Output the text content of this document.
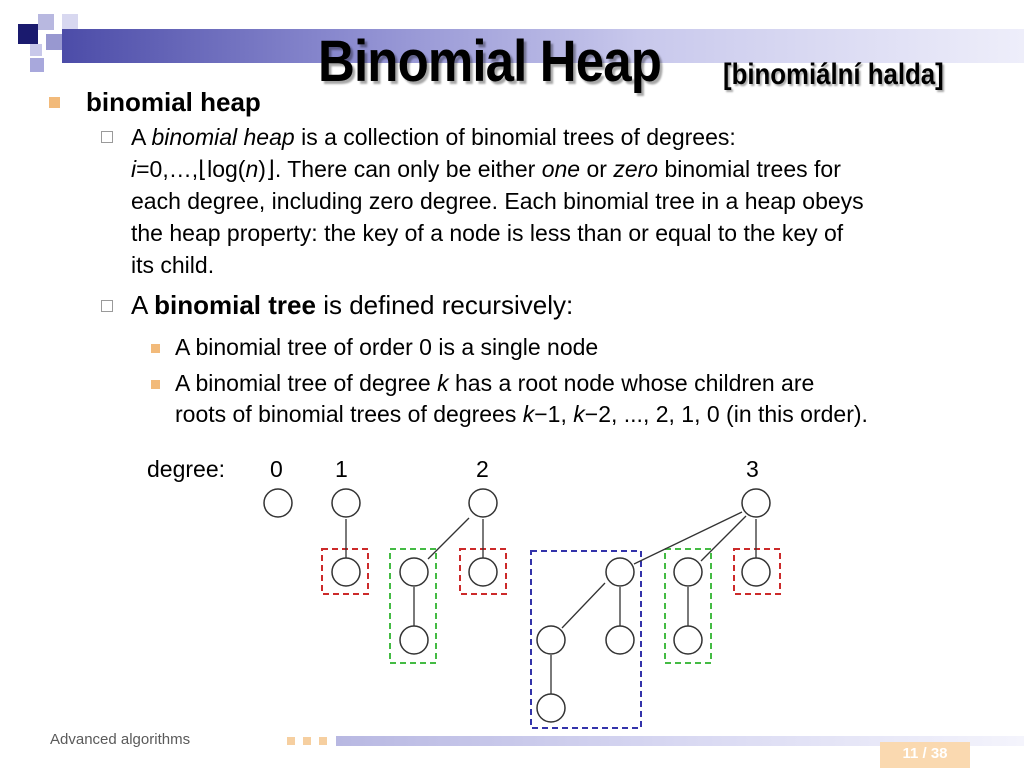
Binomial Heap [binomiální halda]
binomial heap
A binomial heap is a collection of binomial trees of degrees:
i=0,…,⌊log(n)⌋. There can only be either one or zero binomial trees for
each degree, including zero degree. Each binomial tree in a heap obeys
the heap property: the key of a node is less than or equal to the key of
its child.
A binomial tree is defined recursively:
A binomial tree of order 0 is a single node
A binomial tree of degree k has a root node whose children are
roots of binomial trees of degrees k−1, k−2, ..., 2, 1, 0 (in this order).
degree: 0 1	2	3
Advanced algorithms
11 / 38
